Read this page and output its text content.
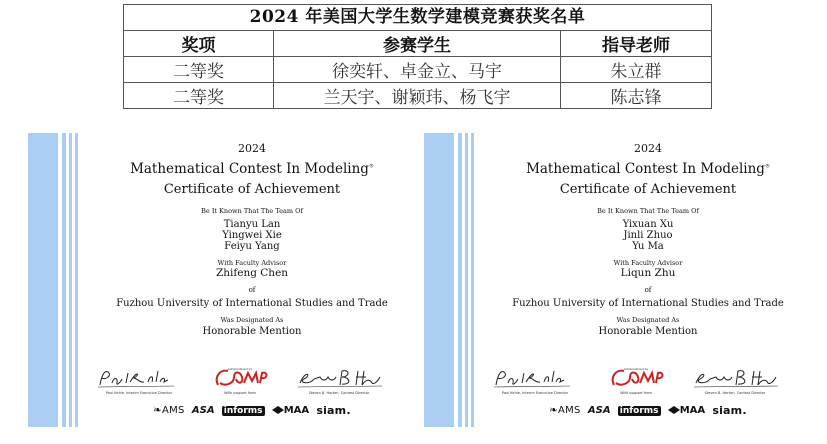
2024 年美国大学生数学建模竞赛获奖名单
奖项	参赛学生	指导老师
二等奖	徐奕轩、卓金立、马宇	朱立群
二等奖	兰天宇、谢颖玮、杨飞宇	陈志锋
2024
Mathematical Contest In Modeling®
Certificate of Achievement
Be It Known That The Team Of
Tianyu Lan
Yingwei Xie
Feiyu Yang
With Faculty Advisor
Zhifeng Chen
of
Fuzhou University of International Studies and Trade
Was Designated As
Honorable Mention
Paul Kehle, Interim Executive Director
Administered by
With support from	Steven B. Horton, Contest Director
❧AMS ASA informs MAA siam.
2024
Mathematical Contest In Modeling®
Certificate of Achievement
Be It Known That The Team Of
Yixuan Xu
Jinli Zhuo
Yu Ma
With Faculty Advisor
Liqun Zhu
of
Fuzhou University of International Studies and Trade
Was Designated As
Honorable Mention
Paul Kehle, Interim Executive Director
Administered by
With support from	Steven B. Horton, Contest Director
❧AMS ASA informs MAA siam.
